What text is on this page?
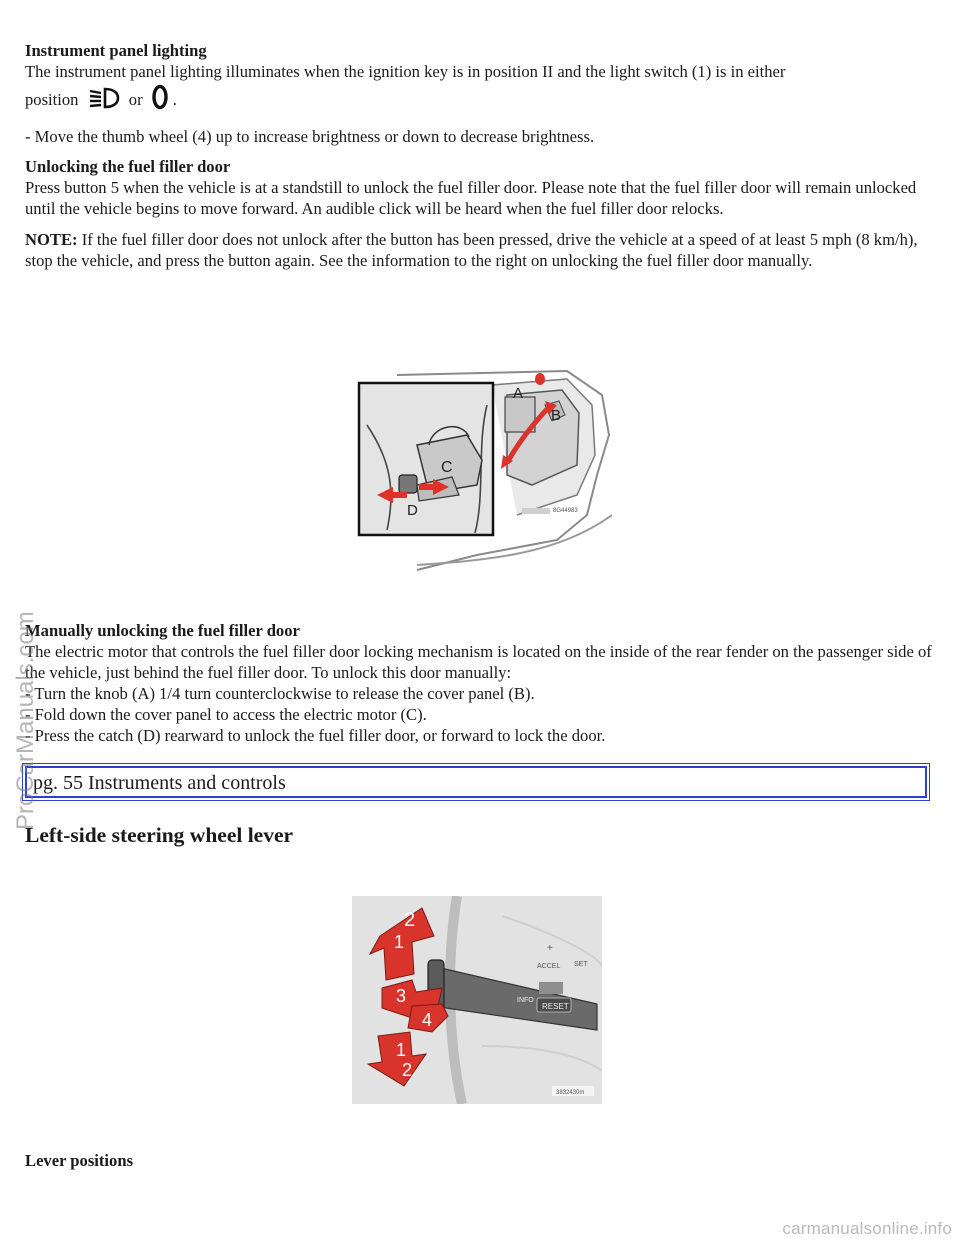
Instrument panel lighting

The instrument panel lighting illuminates when the ignition key is in position II and the light switch (1) is in either

position	or .

- Move the thumb wheel (4) up to increase brightness or down to decrease brightness.

Unlocking the fuel filler door

Press button 5 when the vehicle is at a standstill to unlock the fuel filler door. Please note that the fuel filler door will remain unlocked until the vehicle begins to move forward. An audible click will be heard when the fuel filler door relocks.

NOTE: If the fuel filler door does not unlock after the button has been pressed, drive the vehicle at a speed of at least 5 mph (8 km/h), stop the vehicle, and press the button again. See the information to the right on unlocking the fuel filler door manually.

A
B
C
D	8G44983

Manually unlocking the fuel filler door

The electric motor that controls the fuel filler door locking mechanism is located on the inside of the rear fender on the passenger side of the vehicle, just behind the fuel filler door. To unlock this door manually:

- Turn the knob (A) 1/4 turn counterclockwise to release the cover panel (B).

- Fold down the cover panel to access the electric motor (C).

- Press the catch (D) rearward to unlock the fuel filler door, or forward to lock the door.

pg. 55 Instruments and controls
Left-side steering wheel lever
RESET
INFO
ACCEL SET
+
2
1
3
4
1
2
3832430m

Lever positions

ProCarManuals.com
carmanualsonline.info
